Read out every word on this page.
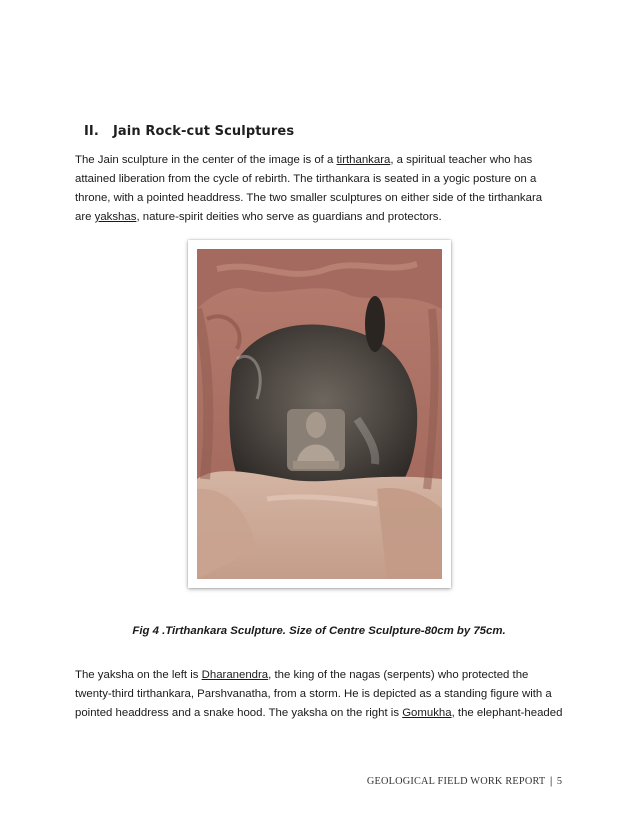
II. Jain Rock-cut Sculptures

The Jain sculpture in the center of the image is of a tirthankara, a spiritual teacher who has
attained liberation from the cycle of rebirth. The tirthankara is seated in a yogic posture on a
throne, with a pointed headdress. The two smaller sculptures on either side of the tirthankara
are yakshas, nature-spirit deities who serve as guardians and protectors.

Fig 4 .Tirthankara Sculpture. Size of Centre Sculpture-80cm by 75cm.

The yaksha on the left is Dharanendra, the king of the nagas (serpents) who protected the
twenty-third tirthankara, Parshvanatha, from a storm. He is depicted as a standing figure with a
pointed headdress and a snake hood. The yaksha on the right is Gomukha, the elephant-headed

GEOLOGICAL FIELD WORK REPORT | 5
